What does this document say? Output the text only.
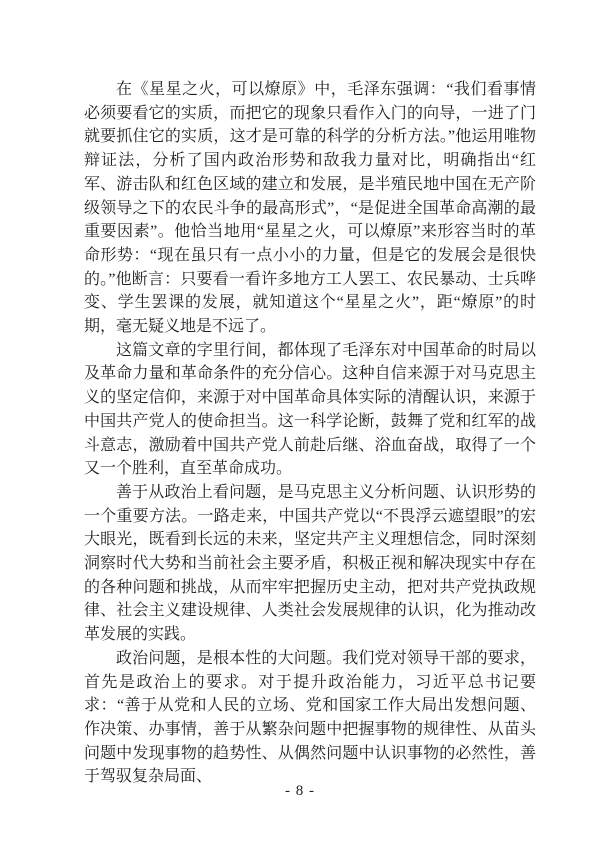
在《星星之火，可以燎原》中，毛泽东强调：“我们看事情必须要看它的实质，而把它的现象只看作入门的向导，一进了门就要抓住它的实质，这才是可靠的科学的分析方法。”他运用唯物辩证法，分析了国内政治形势和敌我力量对比，明确指出“红军、游击队和红色区域的建立和发展，是半殖民地中国在无产阶级领导之下的农民斗争的最高形式”，“是促进全国革命高潮的最重要因素”。他恰当地用“星星之火，可以燎原”来形容当时的革命形势：“现在虽只有一点小小的力量，但是它的发展会是很快的。”他断言：只要看一看许多地方工人罢工、农民暴动、士兵哗变、学生罢课的发展，就知道这个“星星之火”，距“燎原”的时期，毫无疑义地是不远了。

这篇文章的字里行间，都体现了毛泽东对中国革命的时局以及革命力量和革命条件的充分信心。这种自信来源于对马克思主义的坚定信仰，来源于对中国革命具体实际的清醒认识，来源于中国共产党人的使命担当。这一科学论断，鼓舞了党和红军的战斗意志，激励着中国共产党人前赴后继、浴血奋战，取得了一个又一个胜利，直至革命成功。

善于从政治上看问题，是马克思主义分析问题、认识形势的一个重要方法。一路走来，中国共产党以“不畏浮云遮望眼”的宏大眼光，既看到长远的未来，坚定共产主义理想信念，同时深刻洞察时代大势和当前社会主要矛盾，积极正视和解决现实中存在的各种问题和挑战，从而牢牢把握历史主动，把对共产党执政规律、社会主义建设规律、人类社会发展规律的认识，化为推动改革发展的实践。

政治问题，是根本性的大问题。我们党对领导干部的要求，首先是政治上的要求。对于提升政治能力，习近平总书记要求：“善于从党和人民的立场、党和国家工作大局出发想问题、作决策、办事情，善于从繁杂问题中把握事物的规律性、从苗头问题中发现事物的趋势性、从偶然问题中认识事物的必然性，善于驾驭复杂局面、

- 8 -
